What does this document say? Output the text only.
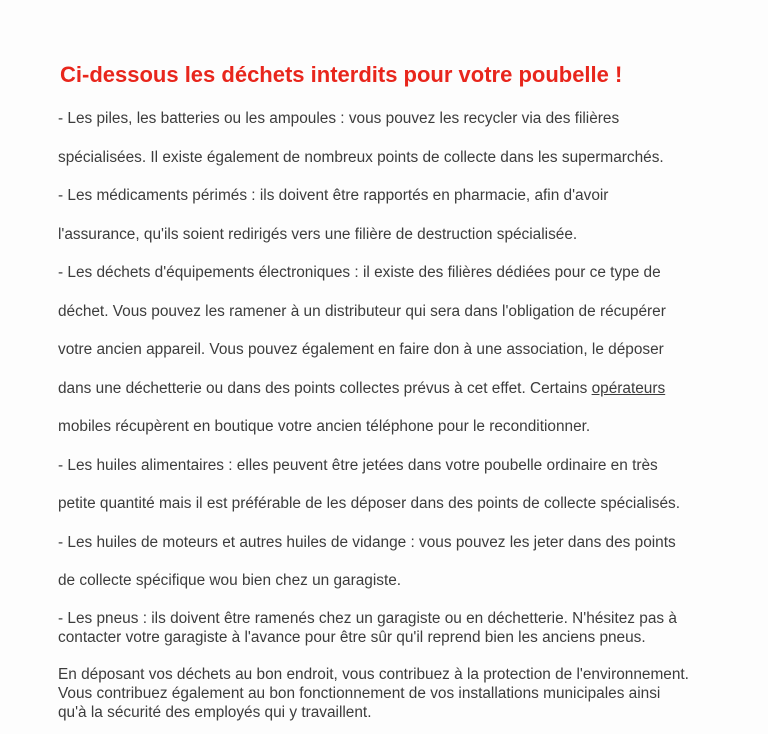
Ci-dessous les déchets interdits pour votre poubelle !

- Les piles, les batteries ou les ampoules : vous pouvez les recycler via des filières

spécialisées. Il existe également de nombreux points de collecte dans les supermarchés.

- Les médicaments périmés : ils doivent être rapportés en pharmacie, afin d'avoir

l'assurance, qu'ils soient redirigés vers une filière de destruction spécialisée.

- Les déchets d'équipements électroniques : il existe des filières dédiées pour ce type de

déchet. Vous pouvez les ramener à un distributeur qui sera dans l'obligation de récupérer

votre ancien appareil. Vous pouvez également en faire don à une association, le déposer

dans une déchetterie ou dans des points collectes prévus à cet effet. Certains opérateurs

mobiles récupèrent en boutique votre ancien téléphone pour le reconditionner.

- Les huiles alimentaires : elles peuvent être jetées dans votre poubelle ordinaire en très

petite quantité mais il est préférable de les déposer dans des points de collecte spécialisés.

- Les huiles de moteurs et autres huiles de vidange : vous pouvez les jeter dans des points

de collecte spécifique wou bien chez un garagiste.

- Les pneus : ils doivent être ramenés chez un garagiste ou en déchetterie. N'hésitez pas à

contacter votre garagiste à l'avance pour être sûr qu'il reprend bien les anciens pneus.

En déposant vos déchets au bon endroit, vous contribuez à la protection de l'environnement.

Vous contribuez également au bon fonctionnement de vos installations municipales ainsi

qu'à la sécurité des employés qui y travaillent.
